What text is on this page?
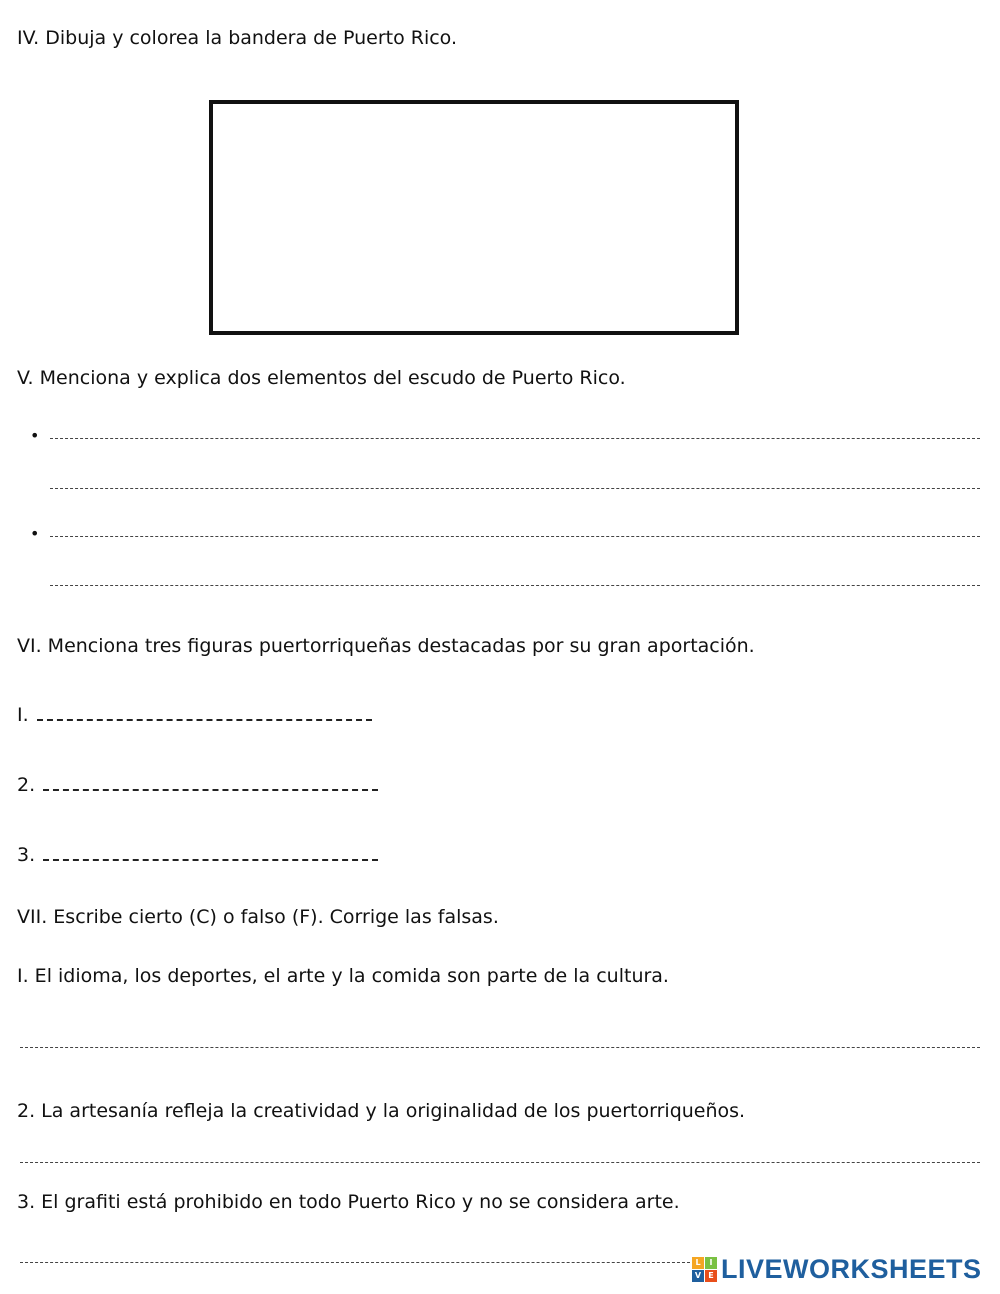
IV. Dibuja y colorea la bandera de Puerto Rico.
V. Menciona y explica dos elementos del escudo de Puerto Rico.
•
•
VI. Menciona tres figuras puertorriqueñas destacadas por su gran aportación.
I.
2.
3.
VII. Escribe cierto (C) o falso (F). Corrige las falsas.
I. El idioma, los deportes, el arte y la comida son parte de la cultura.
2. La artesanía refleja la creatividad y la originalidad de los puertorriqueños.
3. El grafiti está prohibido en todo Puerto Rico y no se considera arte.
L	I
V E LIVEWORKSHEETS
